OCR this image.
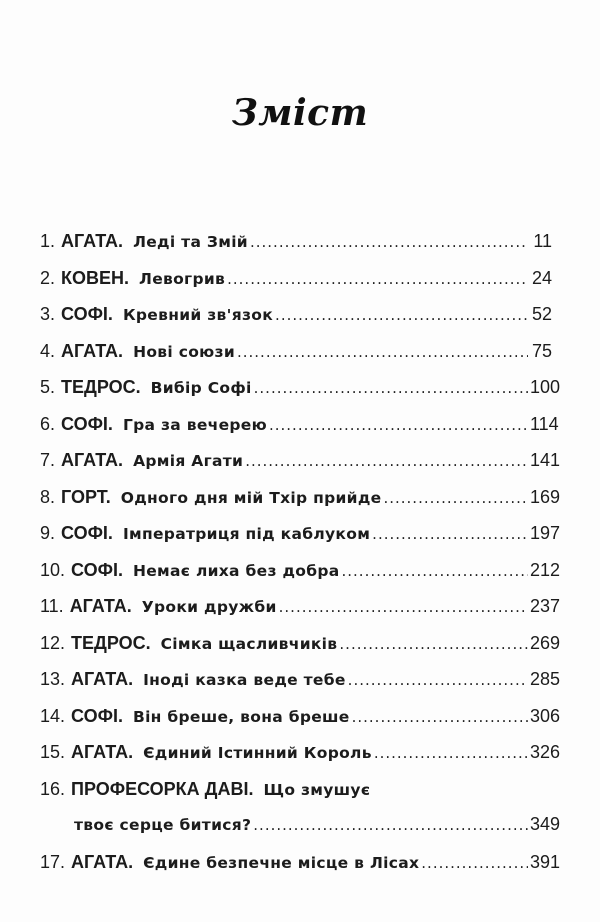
Зміст
1. АГАТА. Леді та Змій .....	11
2. КОВЕН. Левогрив .....	24
3. СОФІ. Кревний зв'язок .....	52
4. АГАТА. Нові союзи .....	75
5. ТЕДРОС. Вибір Софі .....	100
6. СОФІ. Гра за вечерею .....	114
7. АГАТА. Армія Агати .....	141
8. ГОРТ. Одного дня мій Тхір прийде .....	169
9. СОФІ. Імператриця під каблуком .....	197
10. СОФІ. Немає лиха без добра .....	212
11. АГАТА. Уроки дружби .....	237
12. ТЕДРОС. Сімка щасливчиків .....	269
13. АГАТА. Іноді казка веде тебе .....	285
14. СОФІ. Він бреше, вона бреше .....	306
15. АГАТА. Єдиний Істинний Король .....	326
16. ПРОФЕСОРКА ДАВІ. Що змушує
твоє серце битися? .....	349
17. АГАТА. Єдине безпечне місце в Лісах .....	391
